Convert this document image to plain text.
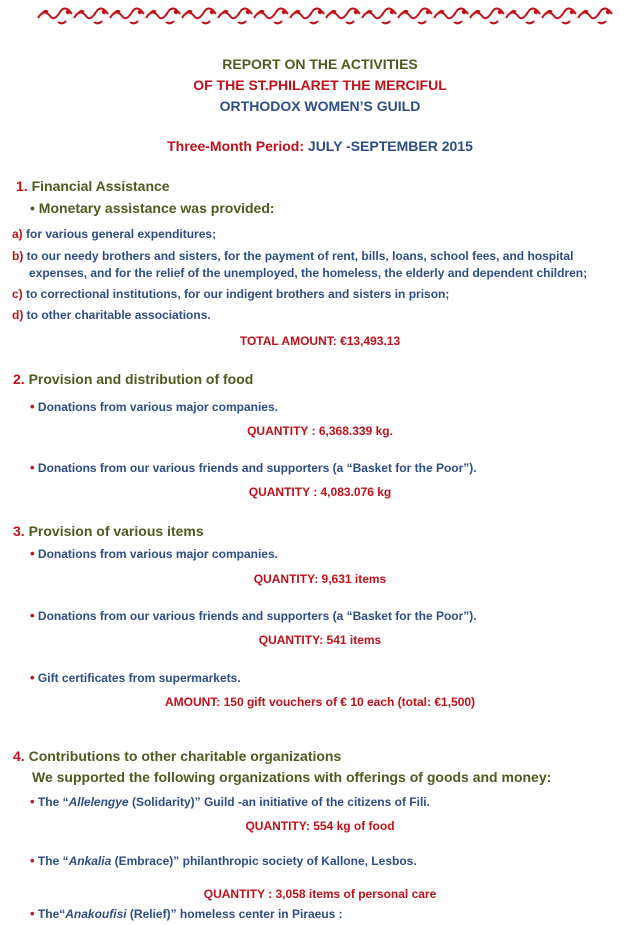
REPORT ON THE ACTIVITIES
OF THE ST.PHILARET THE MERCIFUL
ORTHODOX WOMEN’S GUILD
Three-Month Period: JULY -SEPTEMBER 2015
1. Financial Assistance
• Monetary assistance was provided:
a) for various general expenditures;
b) to our needy brothers and sisters, for the payment of rent, bills, loans, school fees, and hospital
expenses, and for the relief of the unemployed, the homeless, the elderly and dependent children;
c) to correctional institutions, for our indigent brothers and sisters in prison;
d) to other charitable associations.
TOTAL AMOUNT: €13,493.13
2. Provision and distribution of food
• Donations from various major companies.
QUANTITY : 6,368.339 kg.
• Donations from our various friends and supporters (a “Basket for the Poor”).
QUANTITY : 4,083.076 kg
3. Provision of various items
• Donations from various major companies.
QUANTITY: 9,631 items
• Donations from our various friends and supporters (a “Basket for the Poor”).
QUANTITY: 541 items
• Gift certificates from supermarkets.
AMOUNT: 150 gift vouchers of € 10 each (total: €1,500)
4. Contributions to other charitable organizations
We supported the following organizations with offerings of goods and money:
• The “Allelengye (Solidarity)” Guild -an initiative of the citizens of Fili.
QUANTITY: 554 kg of food
• The “Ankalia (Embrace)” philanthropic society of Kallone, Lesbos.
QUANTITY : 3,058 items of personal care
• The“Anakoufisi (Relief)” homeless center in Piraeus :
